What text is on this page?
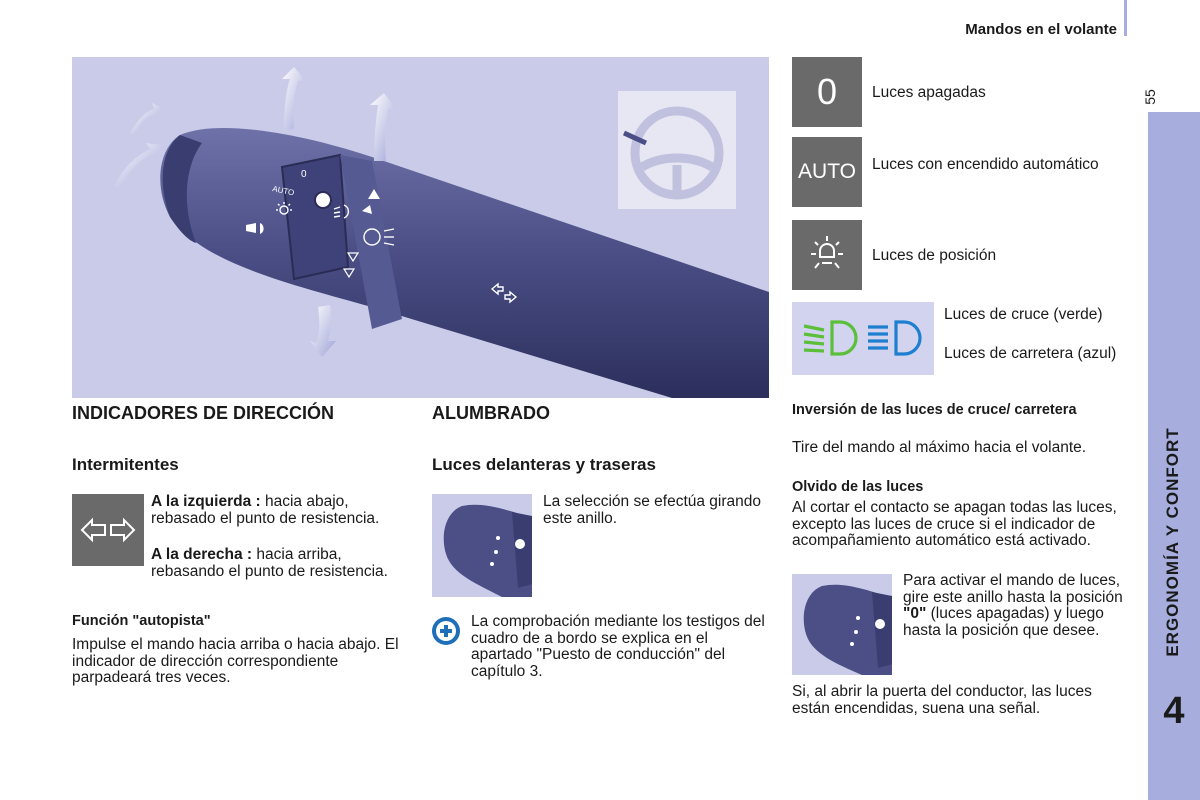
Mandos en el volante
55
ERGONOMÍA Y CONFORT
4
0
AUTO
INDICADORES DE DIRECCIÓN
Intermitentes
A la izquierda : hacia abajo, rebasado el punto de resistencia.
A la derecha : hacia arriba, rebasando el punto de resistencia.
Función "autopista"
Impulse el mando hacia arriba o hacia abajo. El indicador de dirección correspondiente parpadeará tres veces.
ALUMBRADO
Luces delanteras y traseras
La selección se efectúa girando este anillo.
La comprobación mediante los testigos del cuadro de a bordo se explica en el apartado "Puesto de conducción" del capítulo 3.
0 Luces apagadas
AUTO Luces con encendido automático
Luces de posición
Luces de cruce (verde)
Luces de carretera (azul)
Inversión de las luces de cruce/ carretera
Tire del mando al máximo hacia el volante.
Olvido de las luces
Al cortar el contacto se apagan todas las luces, excepto las luces de cruce si el indicador de acompañamiento automático está activado.
Para activar el mando de luces, gire este anillo hasta la posición "0" (luces apagadas) y luego hasta la posición que desee.
Si, al abrir la puerta del conductor, las luces están encendidas, suena una señal.
